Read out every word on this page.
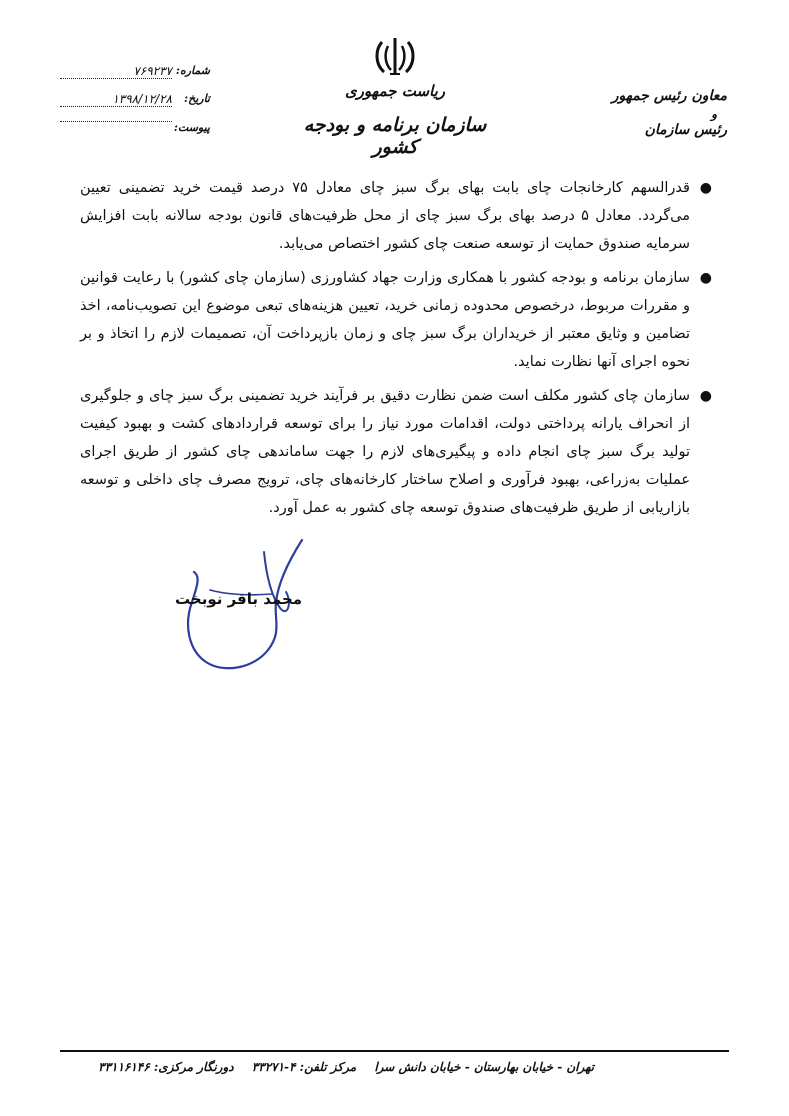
ریاست جمهوری
سازمان برنامه و بودجه کشور
معاون رئیس جمهور
و
رئیس سازمان
شماره:
۷۶۹۲۳۷
تاریخ:
۱۳۹۸/۱۲/۲۸
پیوست:
●
قدرالسهم کارخانجات چای بابت بهای برگ سبز چای معادل ۷۵ درصد قیمت خرید تضمینی تعیین می‌گردد. معادل ۵ درصد بهای برگ سبز چای از محل ظرفیت‌های قانون بودجه سالانه بابت افزایش سرمایه صندوق حمایت از توسعه صنعت چای کشور اختصاص می‌یابد.
●
سازمان برنامه و بودجه کشور با همکاری وزارت جهاد کشاورزی (سازمان چای کشور) با رعایت قوانین و مقررات مربوط، درخصوص محدوده زمانی خرید، تعیین هزینه‌های تبعی موضوع این تصویب‌نامه، اخذ تضامین و وثایق معتبر از خریداران برگ سبز چای و زمان بازپرداخت آن، تصمیمات لازم را اتخاذ و بر نحوه اجرای آنها نظارت نماید.
●
سازمان چای کشور مکلف است ضمن نظارت دقیق بر فرآیند خرید تضمینی برگ سبز چای و جلوگیری از انحراف یارانه پرداختی دولت، اقدامات مورد نیاز را برای توسعه قراردادهای کشت و بهبود کیفیت تولید برگ سبز چای انجام داده و پیگیری‌های لازم را جهت ساماندهی چای کشور از طریق اجرای عملیات به‌زراعی، بهبود فرآوری و اصلاح ساختار کارخانه‌های چای، ترویج مصرف چای داخلی و توسعه بازاریابی از طریق ظرفیت‌های صندوق توسعه چای کشور به عمل آورد.
محمد باقر نوبخت
تهران - خیابان بهارستان - خیابان دانش سرا مرکز تلفن: ۴-۳۳۲۷۱ دورنگار مرکزی: ۳۳۱۱۶۱۴۶
